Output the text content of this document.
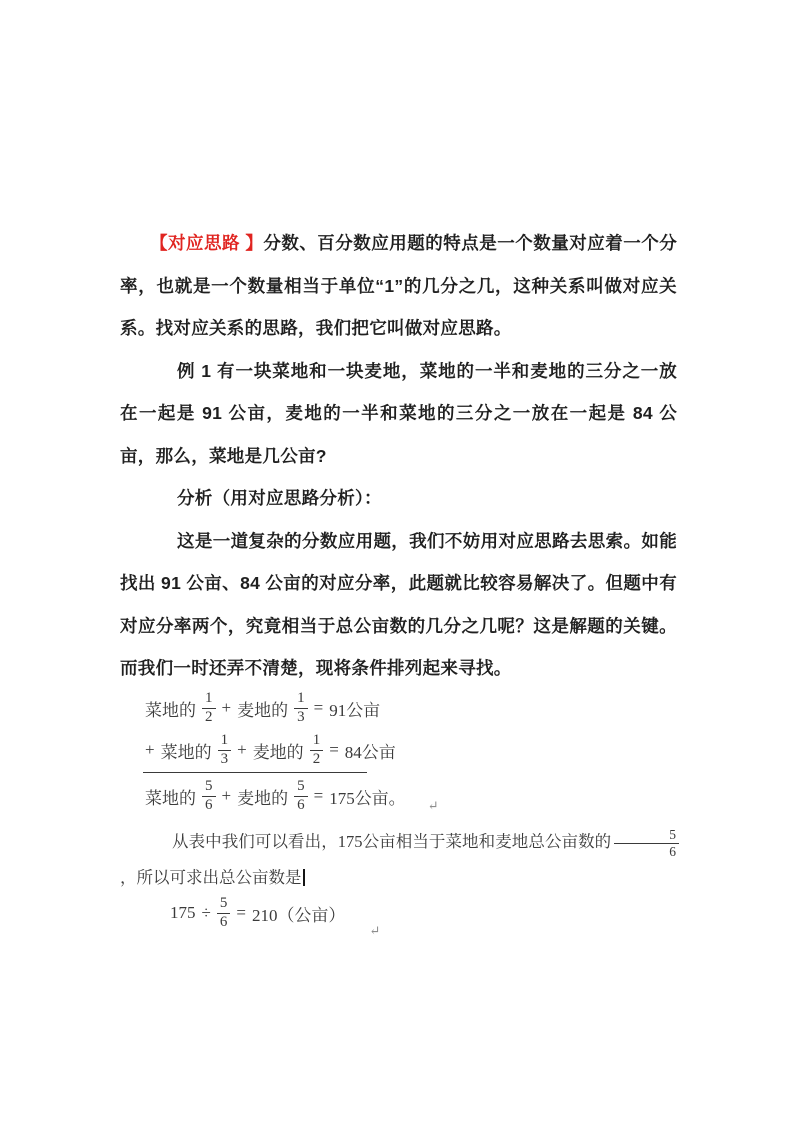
【对应思路 】分数、百分数应用题的特点是一个数量对应着一个分率，也就是一个数量相当于单位“1”的几分之几，这种关系叫做对应关系。找对应关系的思路，我们把它叫做对应思路。

例 1 有一块菜地和一块麦地，菜地的一半和麦地的三分之一放在一起是 91 公亩，麦地的一半和菜地的三分之一放在一起是 84 公亩，那么，菜地是几公亩?

分析（用对应思路分析）：

这是一道复杂的分数应用题，我们不妨用对应思路去思索。如能找出 91 公亩、84 公亩的对应分率，此题就比较容易解决了。但题中有对应分率两个，究竟相当于总公亩数的几分之几呢？这是解题的关键。而我们一时还弄不清楚，现将条件排列起来寻找。

菜地的 $\frac{1}{2}$ + 麦地的 $\frac{1}{3} = 91$公亩
+ 菜地的 $\frac{1}{3}$ + 麦地的 $\frac{1}{2} = 84$公亩
菜地的 $\frac{5}{6}$ + 麦地的 $\frac{5}{6} = 175$公亩。 ↵
从表中我们可以看出，175公亩相当于菜地和麦地总公亩数的 $\frac{5}{6}$
，所以可求出总公亩数是
$175 \div \frac{5}{6} = 210$（公亩）
↵
